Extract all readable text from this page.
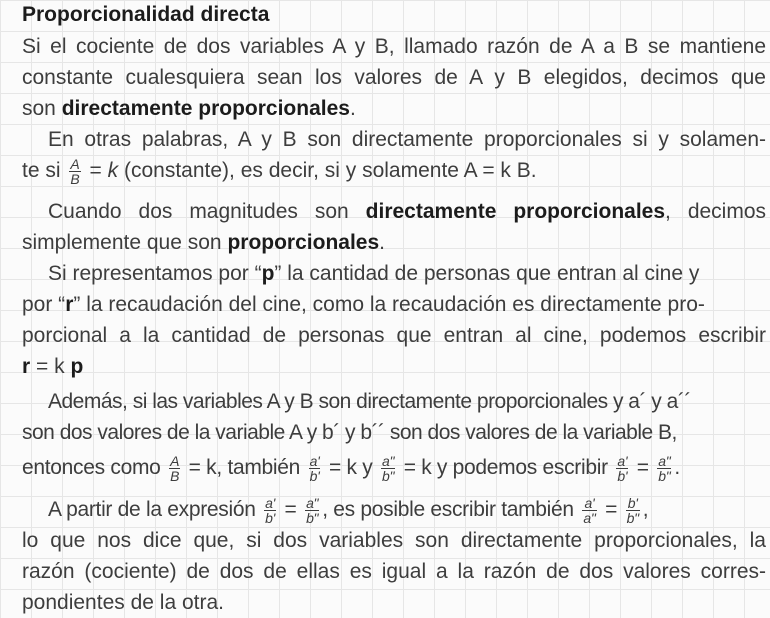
Proporcionalidad directa
Si el cociente de dos variables A y B, llamado razón de A a B se mantiene
constante cualesquiera sean los valores de A y B elegidos, decimos que
son directamente proporcionales.
En otras palabras, A y B son directamente proporcionales si y solamen-
te si $\frac{A}{B} = k$ (constante), es decir, si y solamente A = k B.
Cuando dos magnitudes son directamente proporcionales, decimos
simplemente que son proporcionales.
Si representamos por “p” la cantidad de personas que entran al cine y
por “r” la recaudación del cine, como la recaudación es directamente pro-
porcional a la cantidad de personas que entran al cine, podemos escribir
r = k p
Además, si las variables A y B son directamente proporcionales y a´ y a´´
son dos valores de la variable A y b´ y b´´ son dos valores de la variable B,
entonces como $\frac{A}{B} = k$, también $\frac{a'}{b'} = k$ y $\frac{a"}{b"} = k$ y podemos escribir $\frac{a'}{b'} = \frac{a"}{b"}$ .
A partir de la expresión $\frac{a'}{b'} = \frac{a"}{b"}$ , es posible escribir también $\frac{a'}{a"} = \frac{b'}{b"}$ ,
lo que nos dice que, si dos variables son directamente proporcionales, la
razón (cociente) de dos de ellas es igual a la razón de dos valores corres-
pondientes de la otra.
